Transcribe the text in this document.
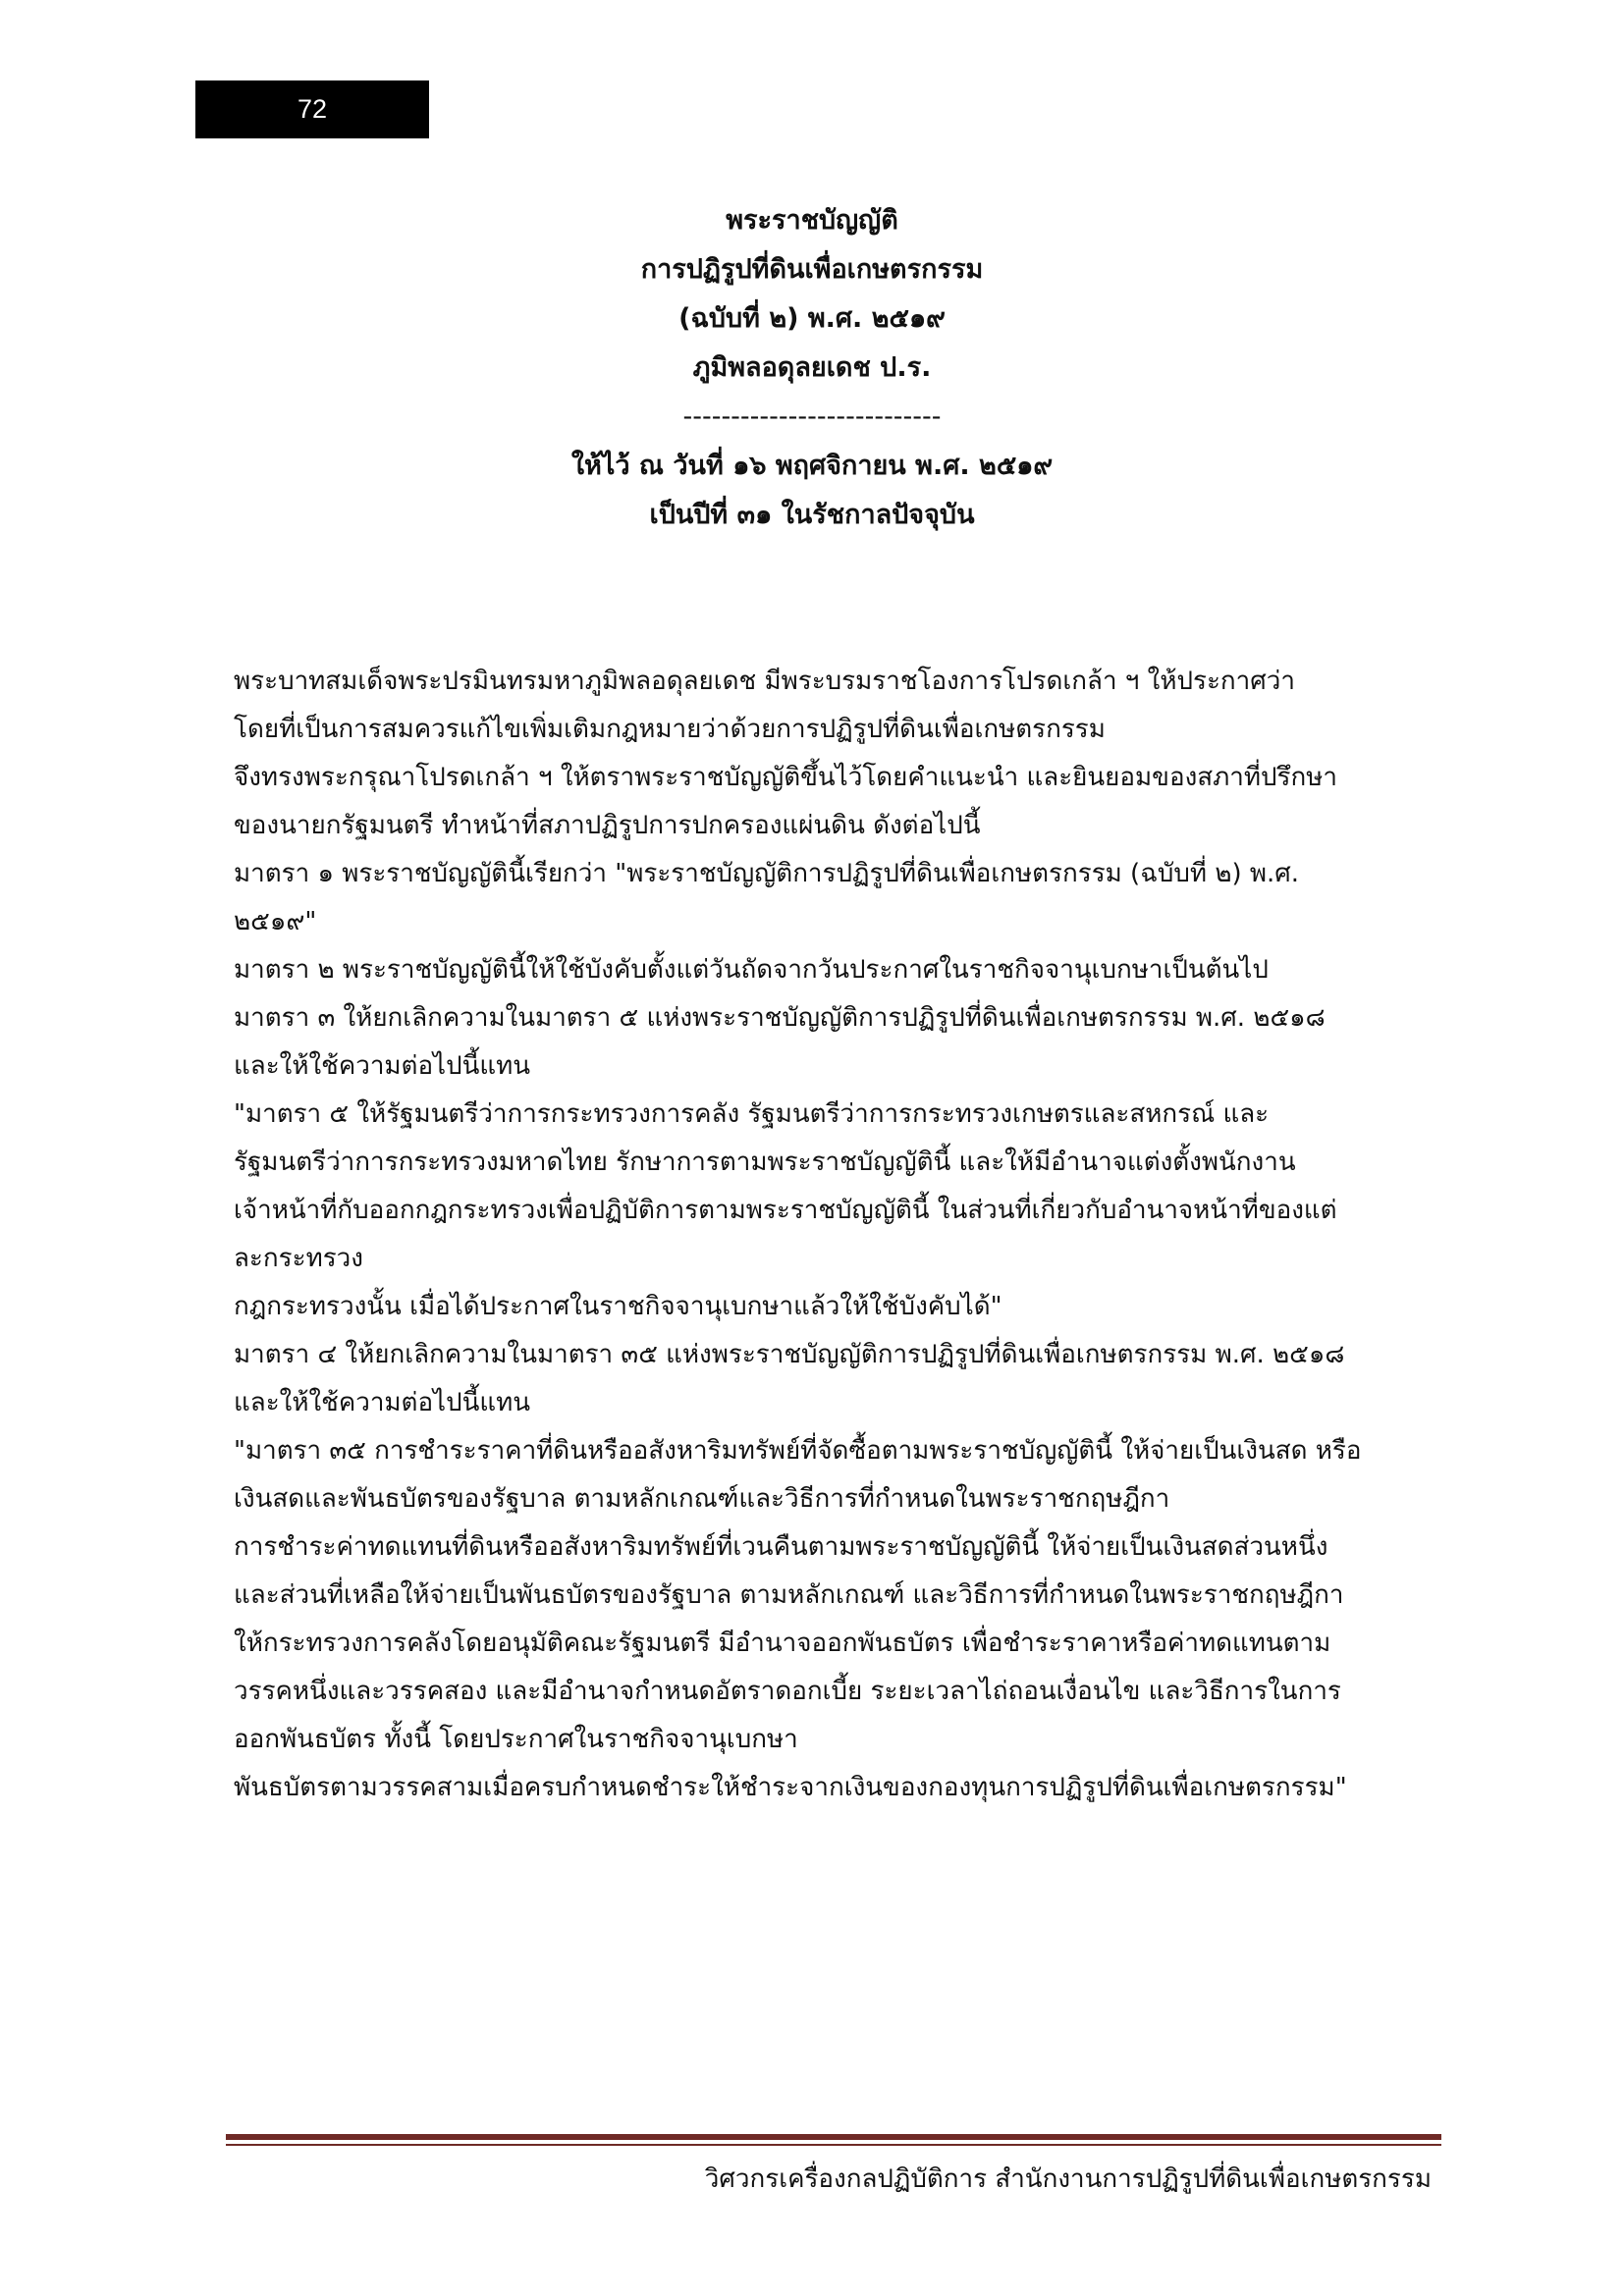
72
พระราชบัญญัติ
การปฏิรูปที่ดินเพื่อเกษตรกรรม
(ฉบับที่ ๒) พ.ศ. ๒๕๑๙
ภูมิพลอดุลยเดช ป.ร.
---------------------------
ให้ไว้ ณ วันที่ ๑๖ พฤศจิกายน พ.ศ. ๒๕๑๙
เป็นปีที่ ๓๑ ในรัชกาลปัจจุบัน

พระบาทสมเด็จพระปรมินทรมหาภูมิพลอดุลยเดช มีพระบรมราชโองการโปรดเกล้า ฯ ให้ประกาศว่า

โดยที่เป็นการสมควรแก้ไขเพิ่มเติมกฎหมายว่าด้วยการปฏิรูปที่ดินเพื่อเกษตรกรรม

จึงทรงพระกรุณาโปรดเกล้า ฯ ให้ตราพระราชบัญญัติขึ้นไว้โดยคำแนะนำ และยินยอมของสภาที่ปรึกษา

ของนายกรัฐมนตรี ทำหน้าที่สภาปฏิรูปการปกครองแผ่นดิน ดังต่อไปนี้

มาตรา ๑ พระราชบัญญัตินี้เรียกว่า "พระราชบัญญัติการปฏิรูปที่ดินเพื่อเกษตรกรรม (ฉบับที่ ๒) พ.ศ.

๒๕๑๙"

มาตรา ๒ พระราชบัญญัตินี้ให้ใช้บังคับตั้งแต่วันถัดจากวันประกาศในราชกิจจานุเบกษาเป็นต้นไป

มาตรา ๓ ให้ยกเลิกความในมาตรา ๕ แห่งพระราชบัญญัติการปฏิรูปที่ดินเพื่อเกษตรกรรม พ.ศ. ๒๕๑๘

และให้ใช้ความต่อไปนี้แทน

"มาตรา ๕ ให้รัฐมนตรีว่าการกระทรวงการคลัง รัฐมนตรีว่าการกระทรวงเกษตรและสหกรณ์ และ

รัฐมนตรีว่าการกระทรวงมหาดไทย รักษาการตามพระราชบัญญัตินี้ และให้มีอำนาจแต่งตั้งพนักงาน

เจ้าหน้าที่กับออกกฎกระทรวงเพื่อปฏิบัติการตามพระราชบัญญัตินี้ ในส่วนที่เกี่ยวกับอำนาจหน้าที่ของแต่

ละกระทรวง

กฎกระทรวงนั้น เมื่อได้ประกาศในราชกิจจานุเบกษาแล้วให้ใช้บังคับได้"

มาตรา ๔ ให้ยกเลิกความในมาตรา ๓๕ แห่งพระราชบัญญัติการปฏิรูปที่ดินเพื่อเกษตรกรรม พ.ศ. ๒๕๑๘

และให้ใช้ความต่อไปนี้แทน

"มาตรา ๓๕ การชำระราคาที่ดินหรืออสังหาริมทรัพย์ที่จัดซื้อตามพระราชบัญญัตินี้ ให้จ่ายเป็นเงินสด หรือ

เงินสดและพันธบัตรของรัฐบาล ตามหลักเกณฑ์และวิธีการที่กำหนดในพระราชกฤษฎีกา

การชำระค่าทดแทนที่ดินหรืออสังหาริมทรัพย์ที่เวนคืนตามพระราชบัญญัตินี้ ให้จ่ายเป็นเงินสดส่วนหนึ่ง

และส่วนที่เหลือให้จ่ายเป็นพันธบัตรของรัฐบาล ตามหลักเกณฑ์ และวิธีการที่กำหนดในพระราชกฤษฎีกา

ให้กระทรวงการคลังโดยอนุมัติคณะรัฐมนตรี มีอำนาจออกพันธบัตร เพื่อชำระราคาหรือค่าทดแทนตาม

วรรคหนึ่งและวรรคสอง และมีอำนาจกำหนดอัตราดอกเบี้ย ระยะเวลาไถ่ถอนเงื่อนไข และวิธีการในการ

ออกพันธบัตร ทั้งนี้ โดยประกาศในราชกิจจานุเบกษา

พันธบัตรตามวรรคสามเมื่อครบกำหนดชำระให้ชำระจากเงินของกองทุนการปฏิรูปที่ดินเพื่อเกษตรกรรม"

วิศวกรเครื่องกลปฏิบัติการ สำนักงานการปฏิรูปที่ดินเพื่อเกษตรกรรม
